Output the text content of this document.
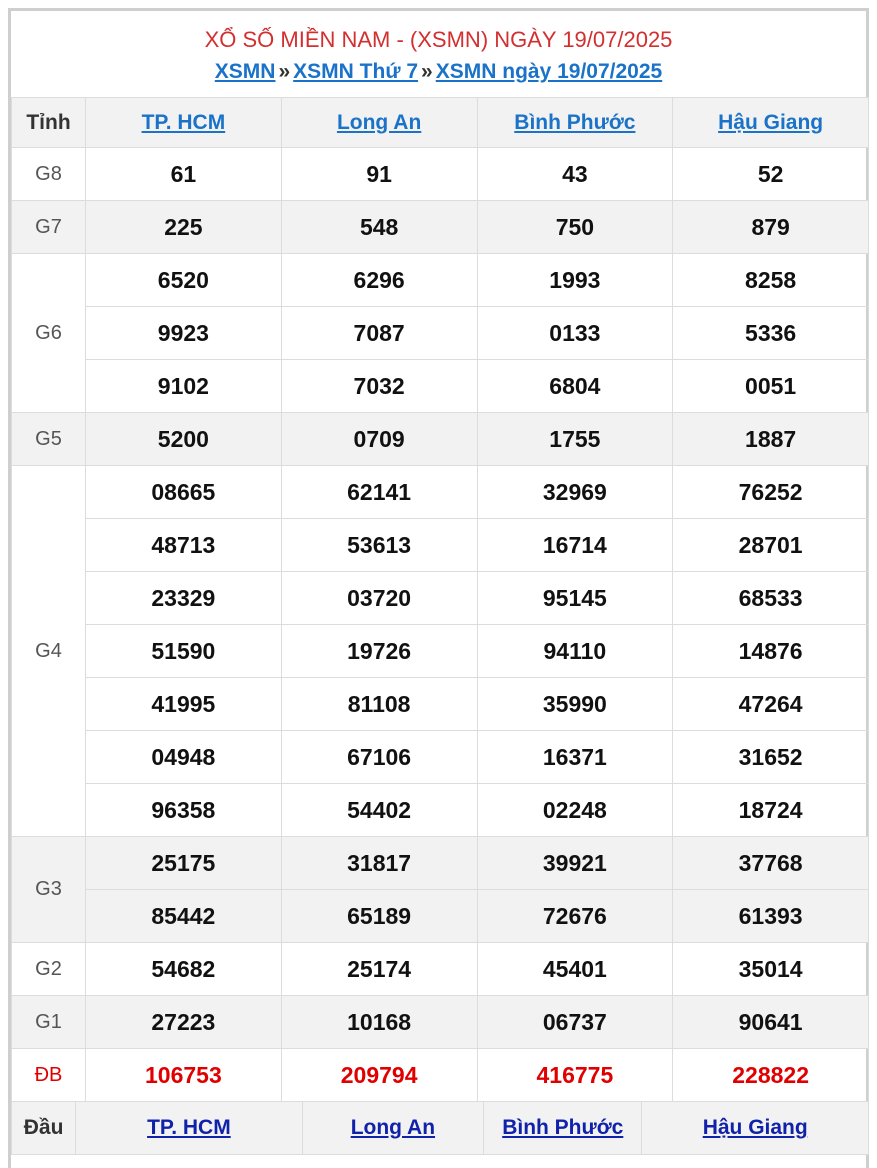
XỔ SỐ MIỀN NAM - (XSMN) NGÀY 19/07/2025
XSMN » XSMN Thứ 7 » XSMN ngày 19/07/2025
Tỉnh	TP. HCM	Long An	Bình Phước	Hậu Giang
G8	61	91	43	52
G7	225	548	750	879
G6	6520	6296	1993	8258
	9923	7087	0133	5336
	9102	7032	6804	0051
G5	5200	0709	1755	1887
G4	08665	62141	32969	76252
	48713	53613	16714	28701
	23329	03720	95145	68533
	51590	19726	94110	14876
	41995	81108	35990	47264
	04948	67106	16371	31652
	96358	54402	02248	18724
G3	25175	31817	39921	37768
	85442	65189	72676	61393
G2	54682	25174	45401	35014
G1	27223	10168	06737	90641
ĐB	106753	209794	416775	228822
Đầu	TP. HCM	Long An	Bình Phước	Hậu Giang
